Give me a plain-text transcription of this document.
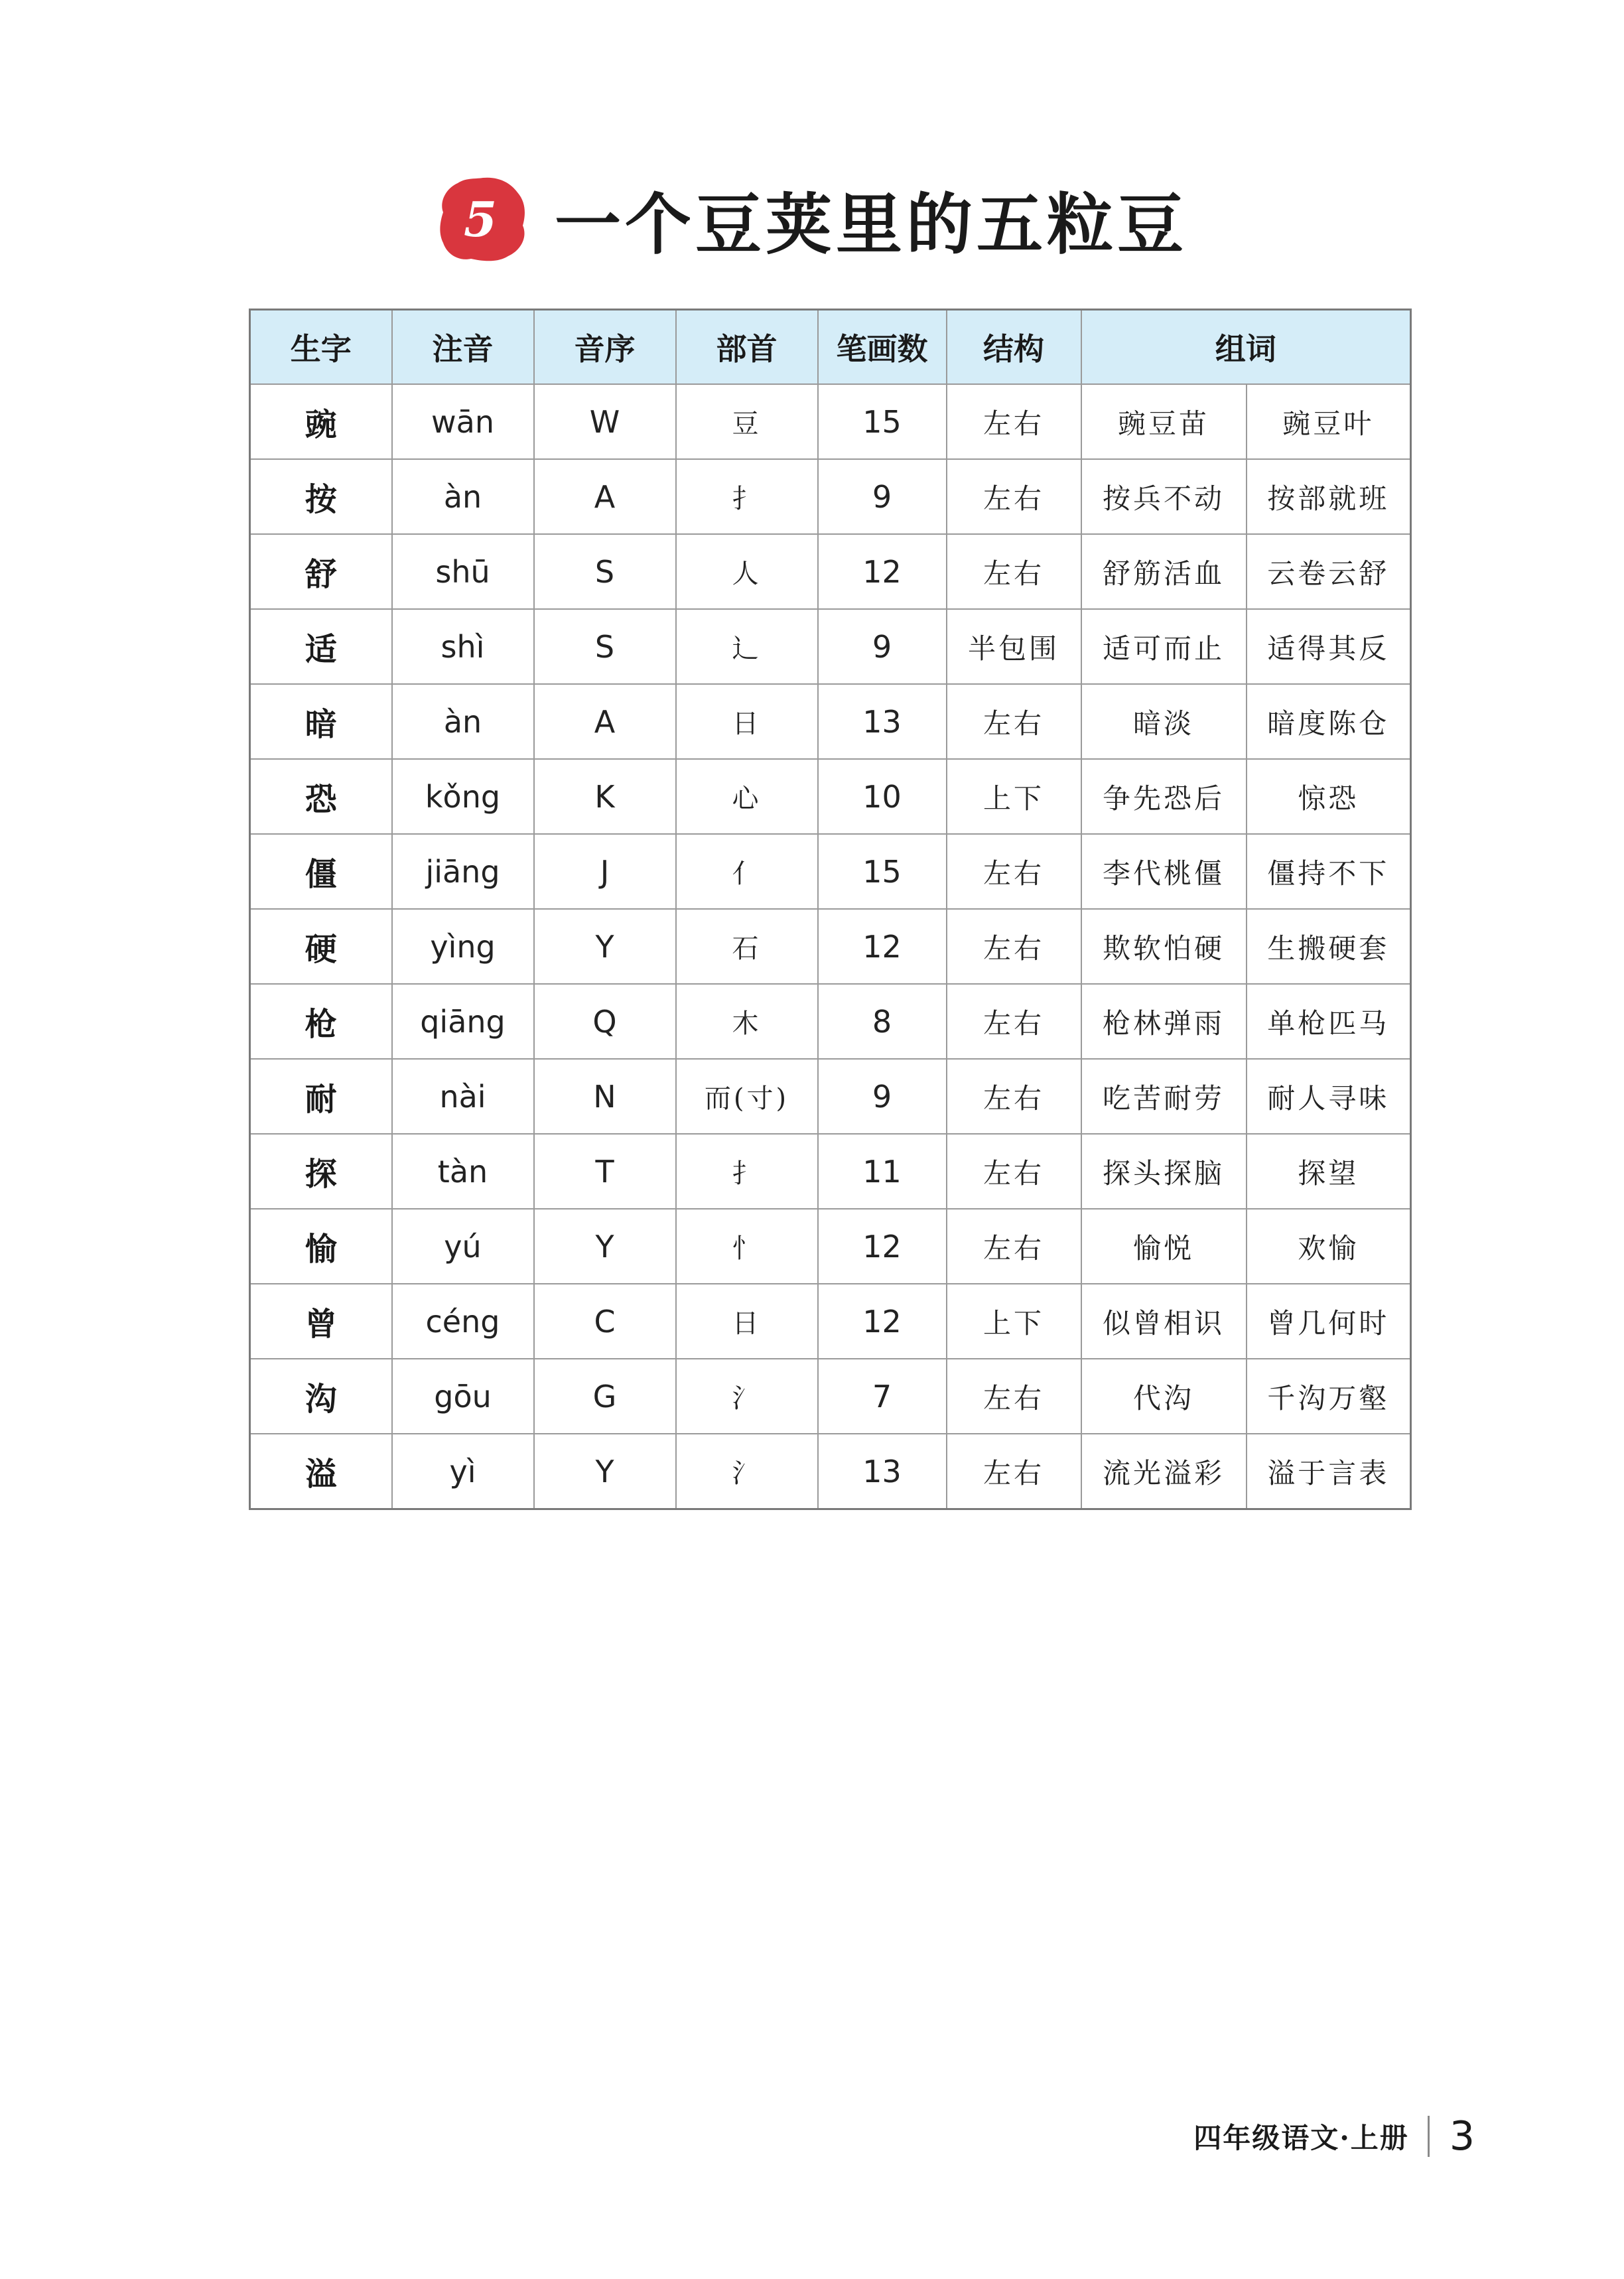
5 一个豆荚里的五粒豆
生字	注音	音序	部首	笔画数	结构	组词	
豌	wān	W	豆	15	左右	豌豆苗	豌豆叶
按	àn	A	扌	9	左右	按兵不动	按部就班
舒	shū	S	人	12	左右	舒筋活血	云卷云舒
适	shì	S	辶	9	半包围	适可而止	适得其反
暗	àn	A	日	13	左右	暗淡	暗度陈仓
恐	kǒng	K	心	10	上下	争先恐后	惊恐
僵	jiāng	J	亻	15	左右	李代桃僵	僵持不下
硬	yìng	Y	石	12	左右	欺软怕硬	生搬硬套
枪	qiāng	Q	木	8	左右	枪林弹雨	单枪匹马
耐	nài	N	而(寸)	9	左右	吃苦耐劳	耐人寻味
探	tàn	T	扌	11	左右	探头探脑	探望
愉	yú	Y	忄	12	左右	愉悦	欢愉
曾	céng	C	日	12	上下	似曾相识	曾几何时
沟	gōu	G	氵	7	左右	代沟	千沟万壑
溢	yì	Y	氵	13	左右	流光溢彩	溢于言表
四年级语文·上册 3
